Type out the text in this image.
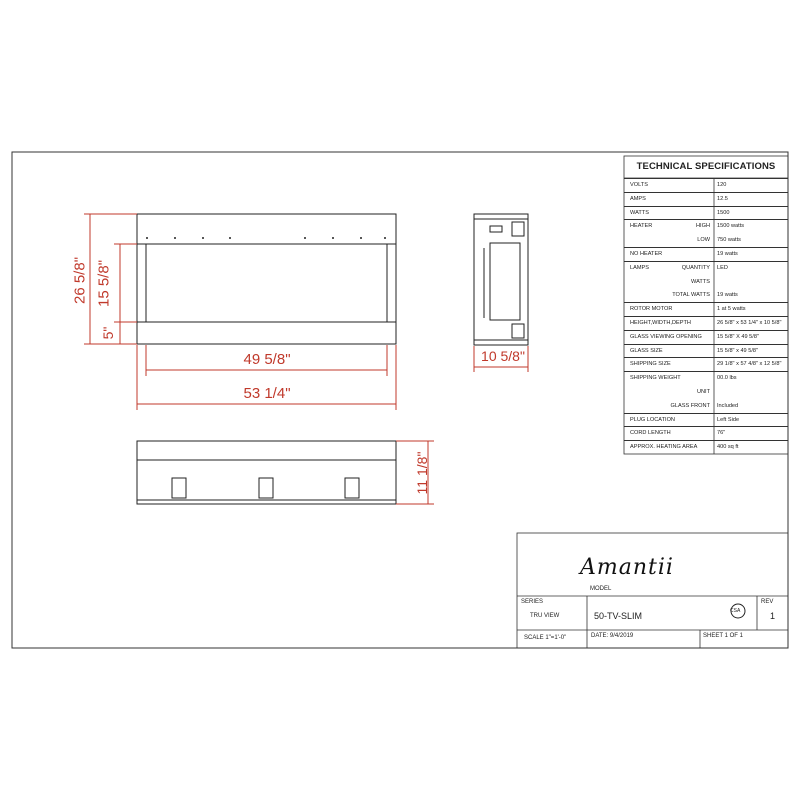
26 5/8" 15 5/8"
5"
49 5/8"
53 1/4"
10 5/8"
11 1/8"
TECHNICAL SPECIFICATIONS
VOLTS	120
AMPS	12.5
WATTS	1500
HEATER	HIGH 1500 watts
LOW 750 watts
NO HEATER	19 watts
LAMPS	QUANTITY LED
WATTS
TOTAL WATTS 19 watts
ROTOR MOTOR	1 at 5 watts
HEIGHT,WIDTH,DEPTH	26 5/8" x 53 1/4" x 10 5/8"
GLASS VIEWING OPENING	15 5/8" X 49 5/8"
GLASS SIZE	15 5/8" x 49 5/8"
SHIPPING SIZE	29 1/8" x 57 4/8" x 12 5/8"
SHIPPING WEIGHT	00.0 lbs
UNIT
GLASS FRONT Included
PLUG LOCATION	Left Side
CORD LENGTH	76"
APPROX. HEATING AREA	400 sq ft
Amantii
SERIES
TRU VIEW
MODEL
50-TV-SLIM
REV
1
SCALE 1"=1'-0"	DATE: 9/4/2019	SHEET 1 OF 1
CSA
